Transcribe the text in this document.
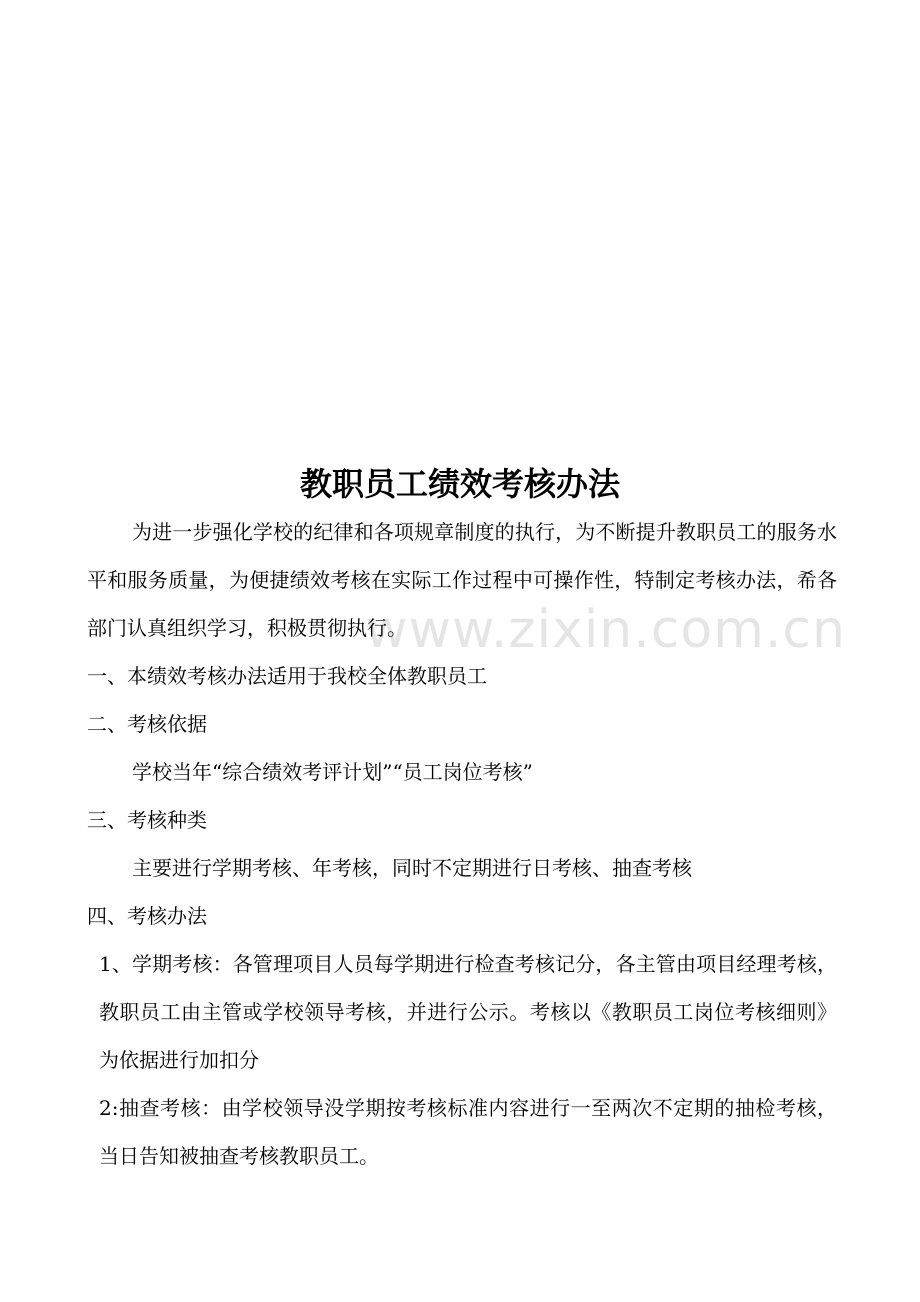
www.zixin.com.cn
教职员工绩效考核办法

为进一步强化学校的纪律和各项规章制度的执行，为不断提升教职员工的服务水平和服务质量，为便捷绩效考核在实际工作过程中可操作性，特制定考核办法，希各部门认真组织学习，积极贯彻执行。

一、本绩效考核办法适用于我校全体教职员工

二、考核依据

学校当年“综合绩效考评计划”“员工岗位考核”

三、考核种类

主要进行学期考核、年考核，同时不定期进行日考核、抽查考核

四、考核办法

1、学期考核：各管理项目人员每学期进行检查考核记分，各主管由项目经理考核，教职员工由主管或学校领导考核，并进行公示。考核以《教职员工岗位考核细则》为依据进行加扣分

2:抽查考核：由学校领导没学期按考核标准内容进行一至两次不定期的抽检考核，当日告知被抽查考核教职员工。
